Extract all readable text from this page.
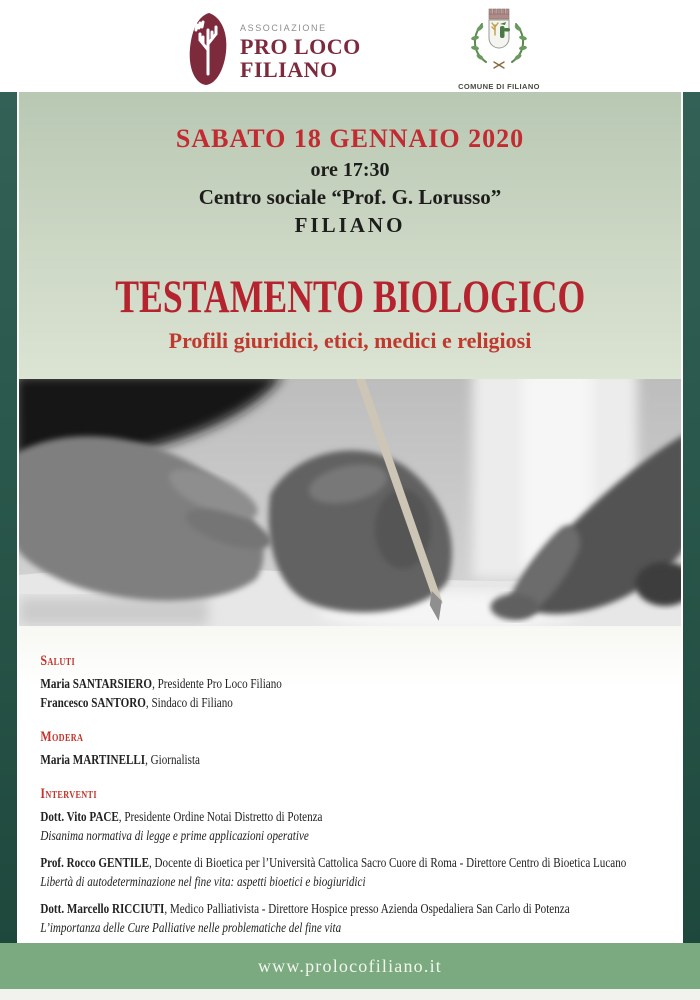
ASSOCIAZIONE
PRO LOCO
FILIANO
COMUNE DI FILIANO
SABATO 18 GENNAIO 2020
ore 17:30
Centro sociale “Prof. G. Lorusso”
FILIANO
TESTAMENTO BIOLOGICO
Profili giuridici, etici, medici e religiosi
Saluti

Maria SANTARSIERO, Presidente Pro Loco Filiano

Francesco SANTORO, Sindaco di Filiano

Modera

Maria MARTINELLI, Giornalista

Interventi

Dott. Vito PACE, Presidente Ordine Notai Distretto di Potenza

Disanima normativa di legge e prime applicazioni operative

Prof. Rocco GENTILE, Docente di Bioetica per l’Università Cattolica Sacro Cuore di Roma - Direttore Centro di Bioetica Lucano

Libertà di autodeterminazione nel fine vita: aspetti bioetici e biogiuridici

Dott. Marcello RICCIUTI, Medico Palliativista - Direttore Hospice presso Azienda Ospedaliera San Carlo di Potenza

L’importanza delle Cure Palliative nelle problematiche del fine vita

www.prolocofiliano.it
